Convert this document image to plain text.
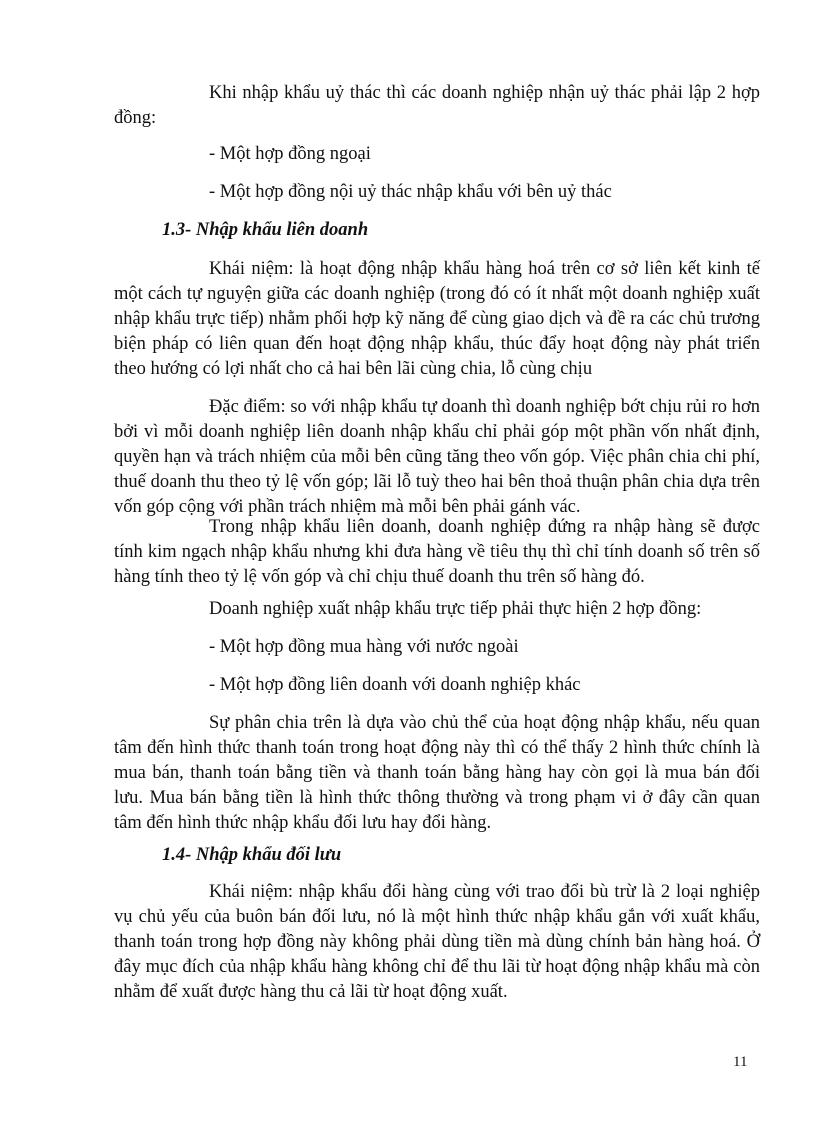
Khi nhập khẩu uỷ thác thì các doanh nghiệp nhận uỷ thác phải lập 2 hợp đồng:

- Một hợp đồng ngoại

- Một hợp đồng nội uỷ thác nhập khẩu với bên uỷ thác

1.3- Nhập khẩu liên doanh

Khái niệm: là hoạt động nhập khẩu hàng hoá trên cơ sở liên kết kinh tế một cách tự nguyện giữa các doanh nghiệp (trong đó có ít nhất một doanh nghiệp xuất nhập khẩu trực tiếp) nhằm phối hợp kỹ năng để cùng giao dịch và đề ra các chủ trương biện pháp có liên quan đến hoạt động nhập khẩu, thúc đẩy hoạt động này phát triển theo hướng có lợi nhất cho cả hai bên lãi cùng chia, lỗ cùng chịu

Đặc điểm: so với nhập khẩu tự doanh thì doanh nghiệp bớt chịu rủi ro hơn bởi vì mỗi doanh nghiệp liên doanh nhập khẩu chỉ phải góp một phần vốn nhất định, quyền hạn và trách nhiệm của mỗi bên cũng tăng theo vốn góp. Việc phân chia chi phí, thuế doanh thu theo tỷ lệ vốn góp; lãi lỗ tuỳ theo hai bên thoả thuận phân chia dựa trên vốn góp cộng với phần trách nhiệm mà mỗi bên phải gánh vác.

Trong nhập khẩu liên doanh, doanh nghiệp đứng ra nhập hàng sẽ được tính kim ngạch nhập khẩu nhưng khi đưa hàng về tiêu thụ thì chỉ tính doanh số trên số hàng tính theo tỷ lệ vốn góp và chỉ chịu thuế doanh thu trên số hàng đó.

Doanh nghiệp xuất nhập khẩu trực tiếp phải thực hiện 2 hợp đồng:

- Một hợp đồng mua hàng với nước ngoài

- Một hợp đồng liên doanh với doanh nghiệp khác

Sự phân chia trên là dựa vào chủ thể của hoạt động nhập khẩu, nếu quan tâm đến hình thức thanh toán trong hoạt động này thì có thể thấy 2 hình thức chính là mua bán, thanh toán bằng tiền và thanh toán bằng hàng hay còn gọi là mua bán đối lưu. Mua bán bằng tiền là hình thức thông thường và trong phạm vi ở đây cần quan tâm đến hình thức nhập khẩu đối lưu hay đổi hàng.

1.4- Nhập khẩu đối lưu

Khái niệm: nhập khẩu đổi hàng cùng với trao đổi bù trừ là 2 loại nghiệp vụ chủ yếu của buôn bán đối lưu, nó là một hình thức nhập khẩu gắn với xuất khẩu, thanh toán trong hợp đồng này không phải dùng tiền mà dùng chính bản hàng hoá. Ở đây mục đích của nhập khẩu hàng không chỉ để thu lãi từ hoạt động nhập khẩu mà còn nhằm để xuất được hàng thu cả lãi từ hoạt động xuất.

11
